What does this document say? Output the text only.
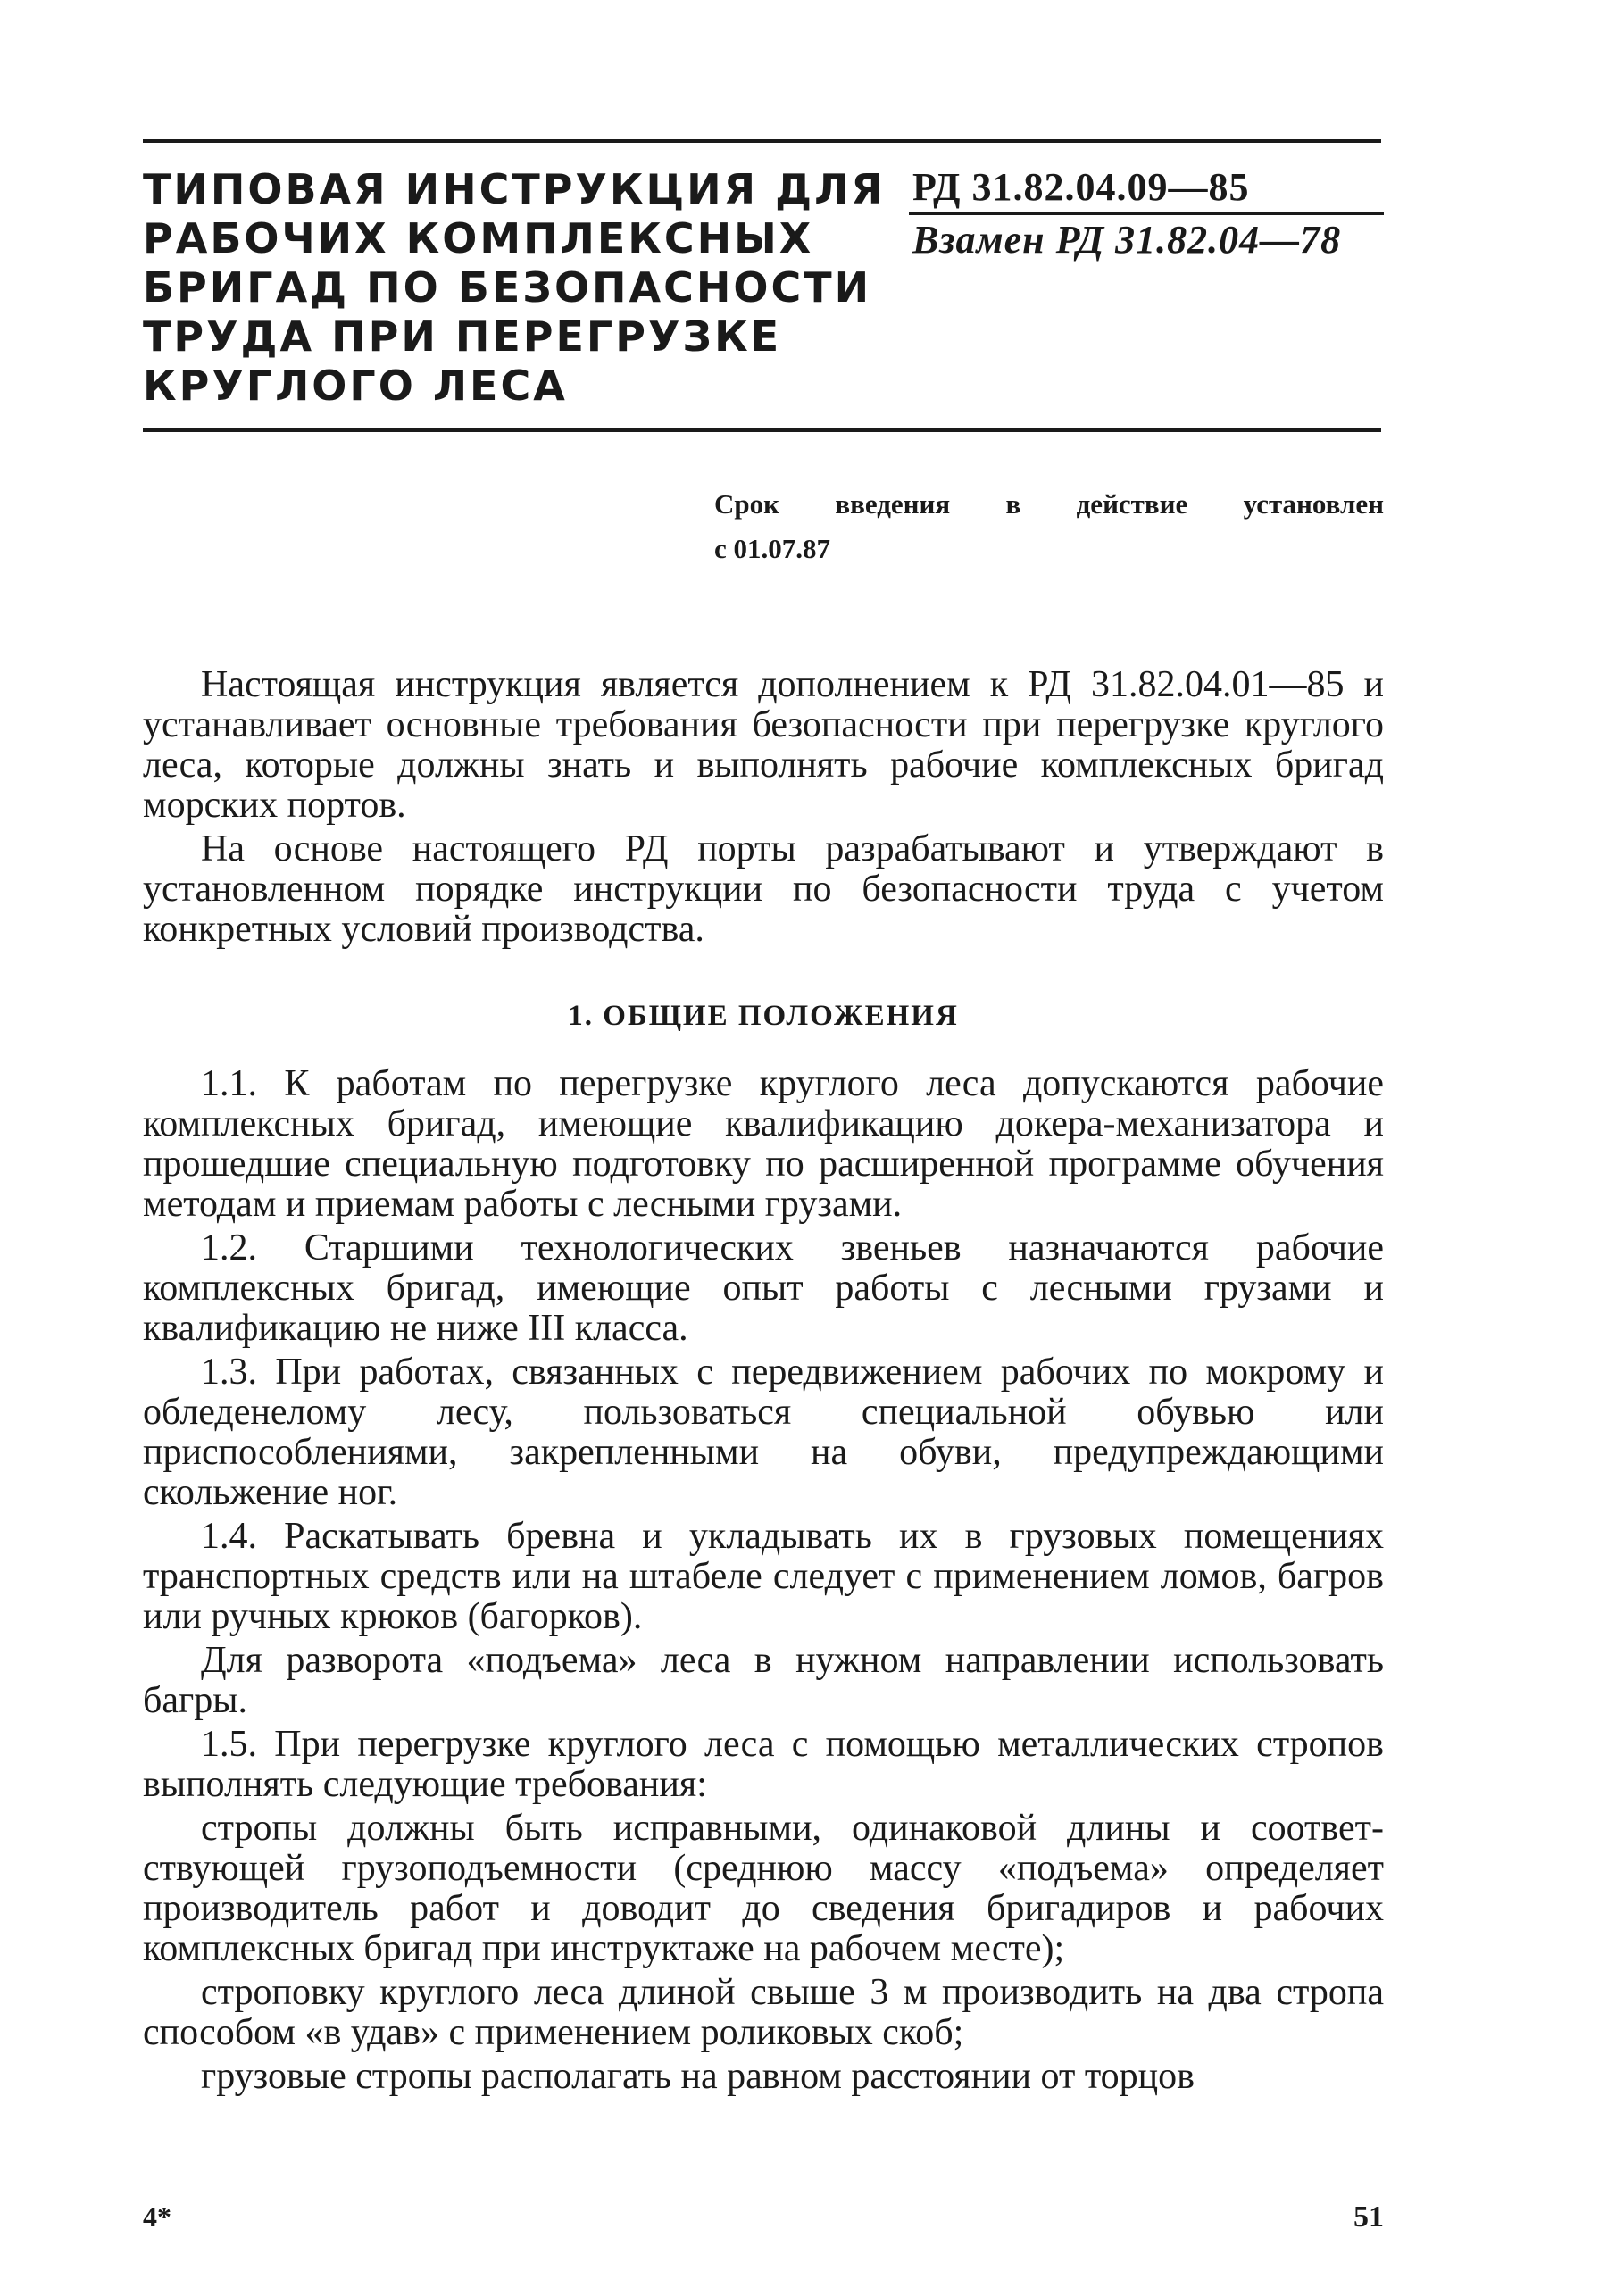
ТИПОВАЯ ИНСТРУКЦИЯ ДЛЯ
РАБОЧИХ КОМПЛЕКСНЫХ
БРИГАД ПО БЕЗОПАСНОСТИ
ТРУДА ПРИ ПЕРЕГРУЗКЕ
КРУГЛОГО ЛЕСА
РД 31.82.04.09—85
Взамен РД 31.82.04—78
Срок введения в действие установлен
с 01.07.87

Настоящая инструкция является дополнением к РД 31.82.04.01—85 и устанавливает основные требования безопасности при перегрузке круглого леса, которые должны знать и выполнять рабочие комплексных бригад морских портов.

На основе настоящего РД порты разрабатывают и утверждают в установленном порядке инструкции по безопасности труда с учетом конкретных условий производства.

1. ОБЩИЕ ПОЛОЖЕНИЯ

1.1. К работам по перегрузке круглого леса допускаются рабочие комплексных бригад, имеющие квалификацию докера-механизатора и прошедшие специальную подготовку по расширенной программе обучения методам и приемам работы с лесными грузами.

1.2. Старшими технологических звеньев назначаются рабочие комплексных бригад, имеющие опыт работы с лесными грузами и квалификацию не ниже III класса.

1.3. При работах, связанных с передвижением рабочих по мокрому и обледенелому лесу, пользоваться специальной обувью или приспособлениями, закрепленными на обуви, предупреждающими скольжение ног.

1.4. Раскатывать бревна и укладывать их в грузовых помещениях транспортных средств или на штабеле следует с применением ломов, багров или ручных крюков (багорков).

Для разворота «подъема» леса в нужном направлении использовать багры.

1.5. При перегрузке круглого леса с помощью металлических стропов выполнять следующие требования:

стропы должны быть исправными, одинаковой длины и соответствующей грузоподъемности (среднюю массу «подъема» определяет производитель работ и доводит до сведения бригадиров и рабочих комплексных бригад при инструктаже на рабочем месте);

строповку круглого леса длиной свыше 3 м производить на два стропа способом «в удав» с применением роликовых скоб;

грузовые стропы располагать на равном расстоянии от торцов

4*	51
